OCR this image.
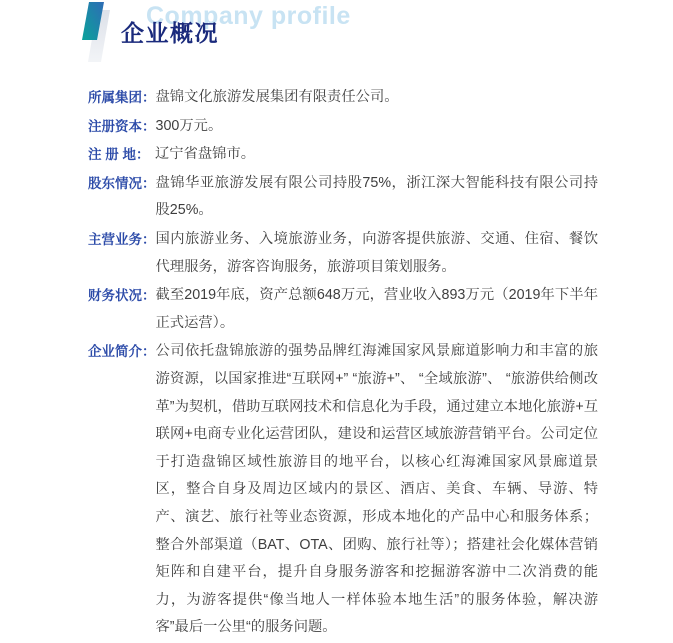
Company profile
企业概况
所属集团： 盘锦文化旅游发展集团有限责任公司。

注册资本： 300万元。

注 册 地： 辽宁省盘锦市。

股东情况： 盘锦华亚旅游发展有限公司持股75%，浙江深大智能科技有限公司持股25%。

主营业务： 国内旅游业务、入境旅游业务，向游客提供旅游、交通、住宿、餐饮代理服务，游客咨询服务，旅游项目策划服务。

财务状况： 截至2019年底，资产总额648万元，营业收入893万元（2019年下半年正式运营）。

企业简介： 公司依托盘锦旅游的强势品牌红海滩国家风景廊道影响力和丰富的旅游资源，以国家推进“互联网+” “旅游+”、 “全域旅游”、 “旅游供给侧改革”为契机，借助互联网技术和信息化为手段，通过建立本地化旅游+互联网+电商专业化运营团队，建设和运营区域旅游营销平台。公司定位于打造盘锦区域性旅游目的地平台，以核心红海滩国家风景廊道景区，整合自身及周边区域内的景区、酒店、美食、车辆、导游、特产、演艺、旅行社等业态资源，形成本地化的产品中心和服务体系；整合外部渠道（BAT、OTA、团购、旅行社等）；搭建社会化媒体营销矩阵和自建平台，提升自身服务游客和挖掘游客游中二次消费的能力，为游客提供“像当地人一样体验本地生活”的服务体验，解决游客”最后一公里“的服务问题。
